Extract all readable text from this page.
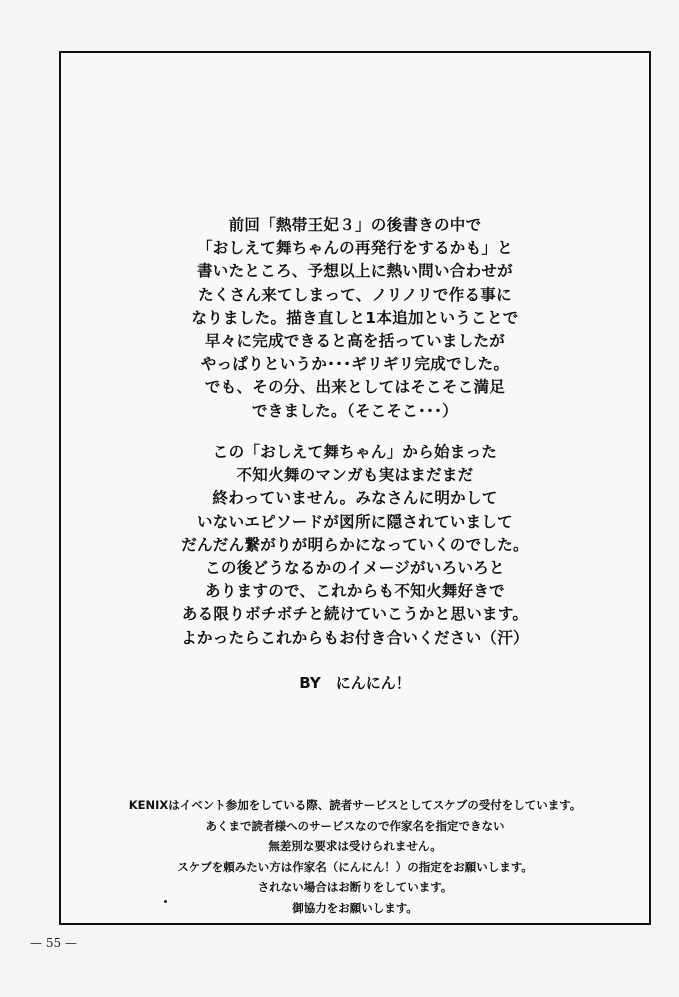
前回「熱帯王妃３」の後書きの中で
「おしえて舞ちゃんの再発行をするかも」と
書いたところ、予想以上に熱い問い合わせが
たくさん来てしまって、ノリノリで作る事に
なりました。描き直しと1本追加ということで
早々に完成できると高を括っていましたが
やっぱりというか･･･ギリギリ完成でした。
でも、その分、出来としてはそこそこ満足
できました。（そこそこ･･･）
この「おしえて舞ちゃん」から始まった
不知火舞のマンガも実はまだまだ
終わっていません。みなさんに明かして
いないエピソードが図所に隠されていまして
だんだん繋がりが明らかになっていくのでした。
この後どうなるかのイメージがいろいろと
ありますので、これからも不知火舞好きで
ある限りボチボチと続けていこうかと思います。
よかったらこれからもお付き合いください（汗）
BY　にんにん！
KENIXはイベント参加をしている際、読者サービスとしてスケブの受付をしています。
あくまで読者様へのサービスなので作家名を指定できない
無差別な要求は受けられません。
スケブを頼みたい方は作家名（にんにん！）の指定をお願いします。
されない場合はお断りをしています。
御協力をお願いします。
— 55 —
